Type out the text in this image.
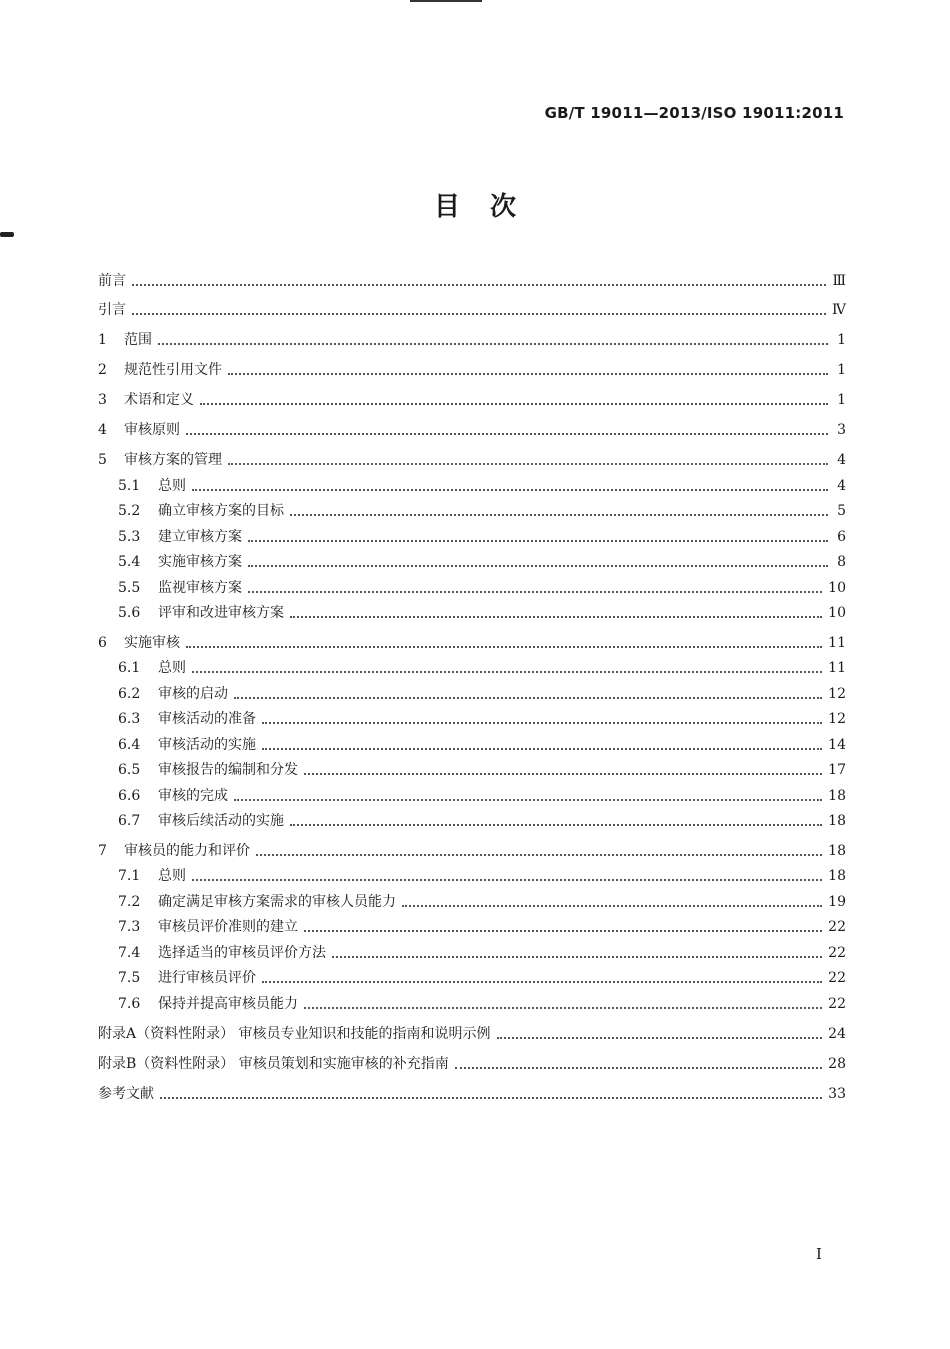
GB/T 19011—2013/ISO 19011:2011
目次
前言	Ⅲ
引言	Ⅳ
1	范围	1
2	规范性引用文件	1
3	术语和定义	1
4	审核原则	3
5	审核方案的管理	4
5.1	总则	4
5.2	确立审核方案的目标	5
5.3	建立审核方案	6
5.4	实施审核方案	8
5.5	监视审核方案	10
5.6	评审和改进审核方案	10
6	实施审核	11
6.1	总则	11
6.2	审核的启动	12
6.3	审核活动的准备	12
6.4	审核活动的实施	14
6.5	审核报告的编制和分发	17
6.6	审核的完成	18
6.7	审核后续活动的实施	18
7	审核员的能力和评价	18
7.1	总则	18
7.2	确定满足审核方案需求的审核人员能力	19
7.3	审核员评价准则的建立	22
7.4	选择适当的审核员评价方法	22
7.5	进行审核员评价	22
7.6	保持并提高审核员能力	22
附录A（资料性附录） 审核员专业知识和技能的指南和说明示例	24
附录B（资料性附录） 审核员策划和实施审核的补充指南	28
参考文献	33
I
